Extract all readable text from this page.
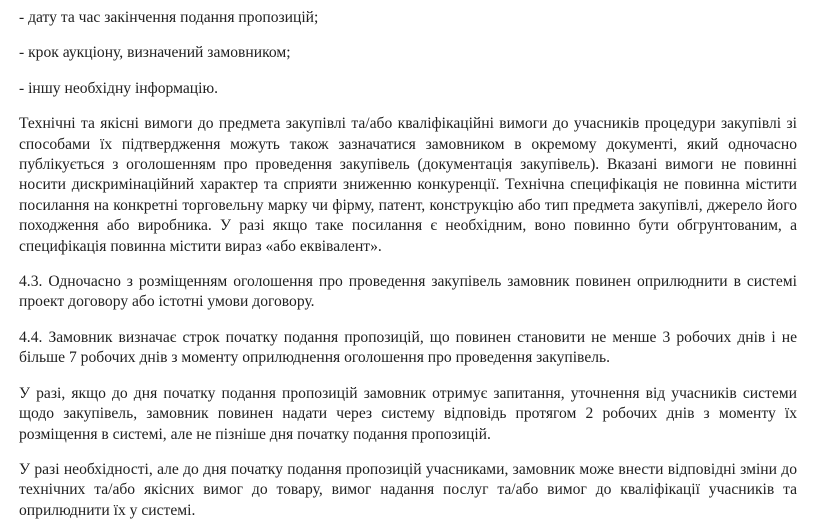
- дату та час закінчення подання пропозицій;

- крок аукціону, визначений замовником;

- іншу необхідну інформацію.

Технічні та якісні вимоги до предмета закупівлі та/або кваліфікаційні вимоги до учасників процедури закупівлі зі способами їх підтвердження можуть також зазначатися замовником в окремому документі, який одночасно публікується з оголошенням про проведення закупівель (документація закупівель). Вказані вимоги не повинні носити дискримінаційний характер та сприяти зниженню конкуренції. Технічна специфікація не повинна містити посилання на конкретні торговельну марку чи фірму, патент, конструкцію або тип предмета закупівлі, джерело його походження або виробника. У разі якщо таке посилання є необхідним, воно повинно бути обгрунтованим, а специфікація повинна містити вираз «або еквівалент».

4.3. Одночасно з розміщенням оголошення про проведення закупівель замовник повинен оприлюднити в системі проект договору або істотні умови договору.

4.4. Замовник визначає строк початку подання пропозицій, що повинен становити не менше 3 робочих днів і не більше 7 робочих днів з моменту оприлюднення оголошення про проведення закупівель.

У разі, якщо до дня початку подання пропозицій замовник отримує запитання, уточнення від учасників системи щодо закупівель, замовник повинен надати через систему відповідь протягом 2 робочих днів з моменту їх розміщення в системі, але не пізніше дня початку подання пропозицій.

У разі необхідності, але до дня початку подання пропозицій учасниками, замовник може внести відповідні зміни до технічних та/або якісних вимог до товару, вимог надання послуг та/або вимог до кваліфікації учасників та оприлюднити їх у системі.
